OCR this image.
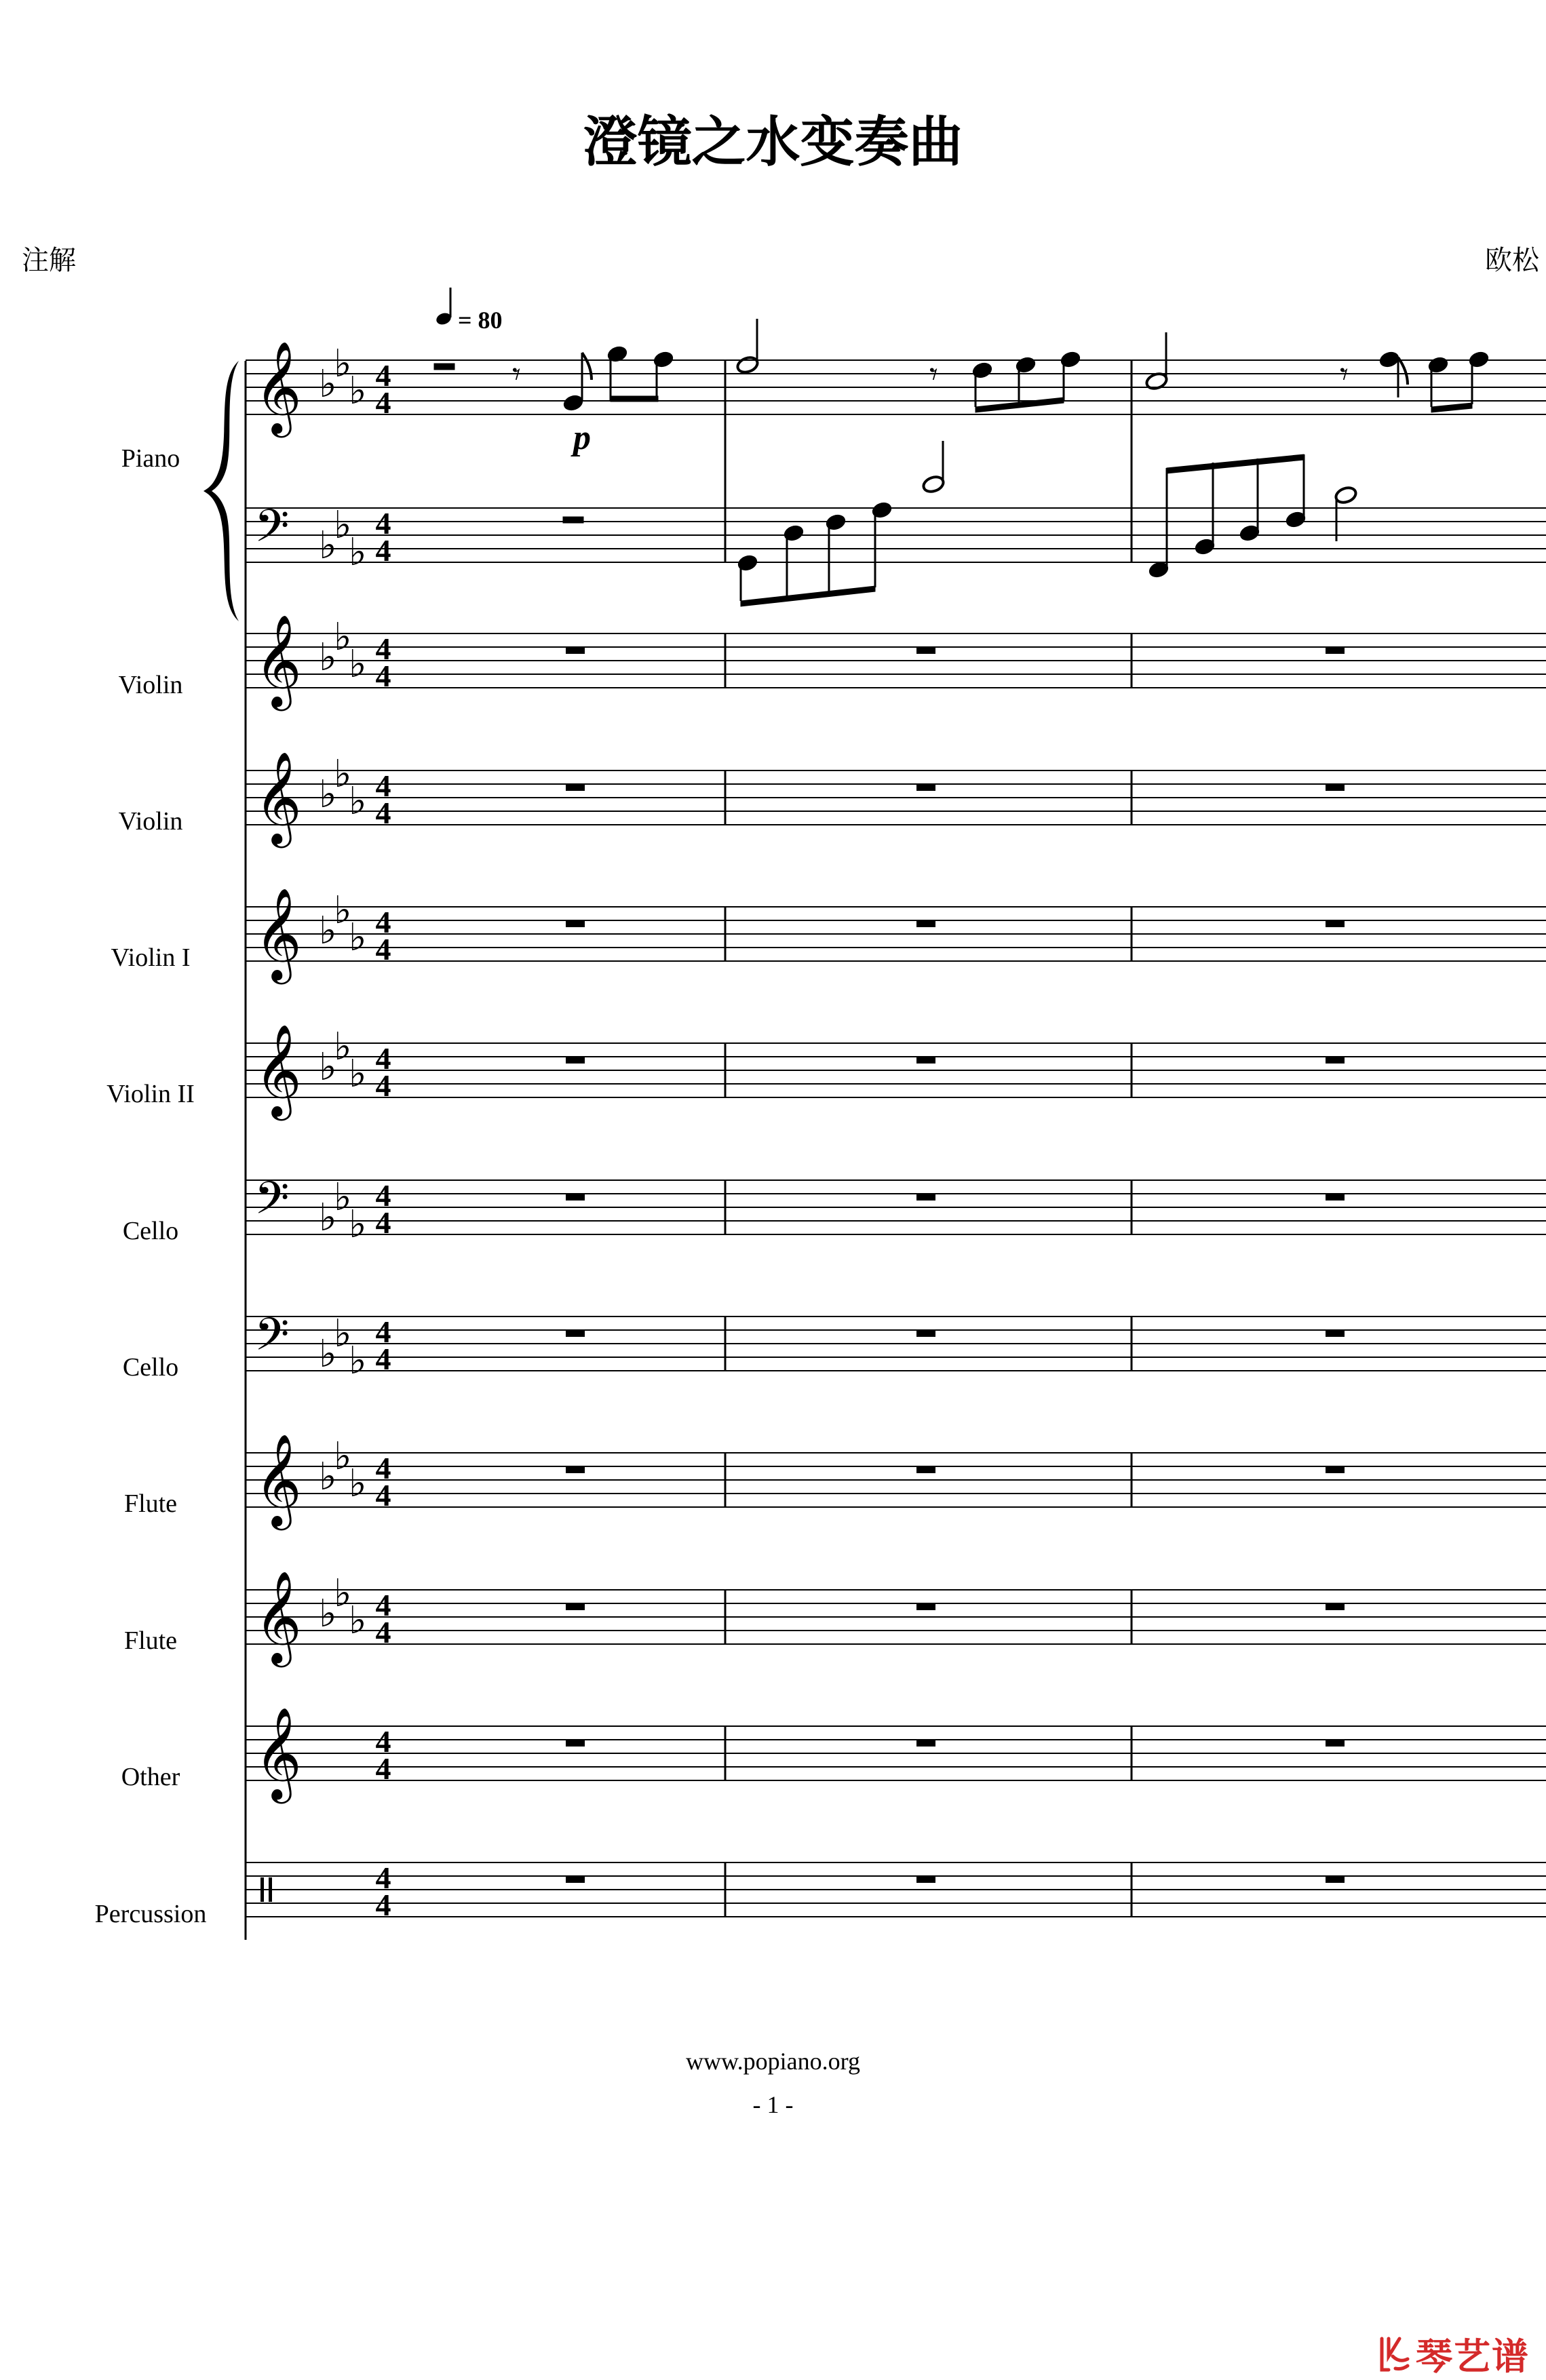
澄镜之水变奏曲
注解	欧松
= 80
Piano
𝄞 ♭
♭
♭ 4
4
𝄢 ♭
♭
♭
4
4
Violin 𝄞 ♭
♭
♭ 4
4
Violin 𝄞 ♭
♭
♭ 4
4
Violin I 𝄞 ♭
♭
♭ 4
4
Violin II 𝄞 ♭
♭
♭ 4
4
Cello 𝄢 ♭
♭
♭
4
4
Cello 𝄢 ♭
♭
♭
4
4
Flute 𝄞 ♭
♭
♭ 4
4
Flute 𝄞 ♭
♭
♭ 4
4
Other 𝄞 4
4
Percussion
4
4
𝄾	𝄾	𝄾
p
www.popiano.org
- 1 -
琴艺谱
